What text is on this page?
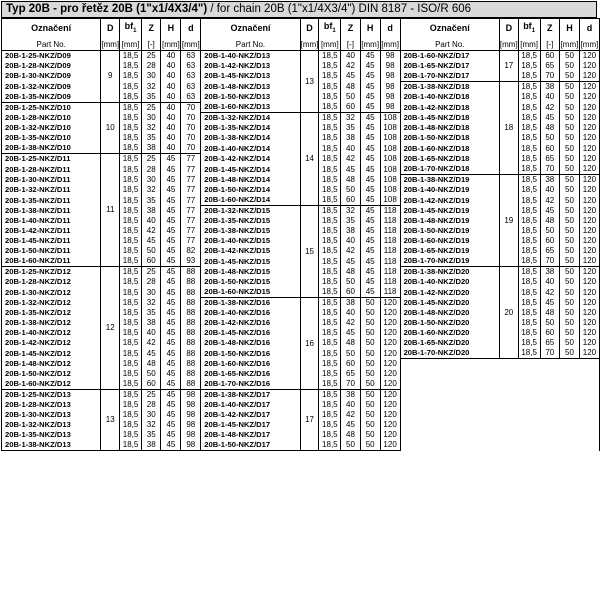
Typ 20B - pro řetěz 20B (1"x1/4X3/4") / for chain 20B (1"x1/4X3/4") DIN 8187 - ISO/R 606
Označení	D	$bf_1$	Z	H	d	Označení	D	$bf_1$	Z	H	d	Označení	D	$bf_1$	Z	H	d
Part No.	[mm]	[mm]	[-]	[mm]	[mm]	Part No.	[mm]	[mm]	[-]	[mm]	[mm]	Part No.	[mm]	[mm]	[-]	[mm]	[mm]
20B-1-25-NKZ/D09	9	18,5	25	40	63	20B-1-40-NKZ/D13	13	18,5	40	45	98	20B-1-60-NKZ/D17	17	18,5	60	50	120
20B-1-28-NKZ/D09		18,5	28	40	63	20B-1-42-NKZ/D13		18,5	42	45	98	20B-1-65-NKZ/D17		18,5	65	50	120
20B-1-30-NKZ/D09		18,5	30	40	63	20B-1-45-NKZ/D13		18,5	45	45	98	20B-1-70-NKZ/D17		18,5	70	50	120
20B-1-32-NKZ/D09		18,5	32	40	63	20B-1-48-NKZ/D13		18,5	48	45	98	20B-1-38-NKZ/D18	18	18,5	38	50	120
20B-1-35-NKZ/D09		18,5	35	40	63	20B-1-50-NKZ/D13		18,5	50	45	98	20B-1-40-NKZ/D18		18,5	40	50	120
20B-1-25-NKZ/D10	10	18,5	25	40	70	20B-1-60-NKZ/D13		18,5	60	45	98	20B-1-42-NKZ/D18		18,5	42	50	120
20B-1-28-NKZ/D10		18,5	30	40	70	20B-1-32-NKZ/D14	14	18,5	32	45	108	20B-1-45-NKZ/D18		18,5	45	50	120
20B-1-32-NKZ/D10		18,5	32	40	70	20B-1-35-NKZ/D14		18,5	35	45	108	20B-1-48-NKZ/D18		18,5	48	50	120
20B-1-35-NKZ/D10		18,5	35	40	70	20B-1-38-NKZ/D14		18,5	38	45	108	20B-1-50-NKZ/D18		18,5	50	50	120
20B-1-38-NKZ/D10		18,5	38	40	70	20B-1-40-NKZ/D14		18,5	40	45	108	20B-1-60-NKZ/D18		18,5	60	50	120
20B-1-25-NKZ/D11	11	18,5	25	45	77	20B-1-42-NKZ/D14		18,5	42	45	108	20B-1-65-NKZ/D18		18,5	65	50	120
20B-1-28-NKZ/D11		18,5	28	45	77	20B-1-45-NKZ/D14		18,5	45	45	108	20B-1-70-NKZ/D18		18,5	70	50	120
20B-1-30-NKZ/D11		18,5	30	45	77	20B-1-48-NKZ/D14		18,5	48	45	108	20B-1-38-NKZ/D19	19	18,5	38	50	120
20B-1-32-NKZ/D11		18,5	32	45	77	20B-1-50-NKZ/D14		18,5	50	45	108	20B-1-40-NKZ/D19		18,5	40	50	120
20B-1-35-NKZ/D11		18,5	35	45	77	20B-1-60-NKZ/D14		18,5	60	45	108	20B-1-42-NKZ/D19		18,5	42	50	120
20B-1-38-NKZ/D11		18,5	38	45	77	20B-1-32-NKZ/D15	15	18,5	32	45	118	20B-1-45-NKZ/D19		18,5	45	50	120
20B-1-40-NKZ/D11		18,5	40	45	77	20B-1-35-NKZ/D15		18,5	35	45	118	20B-1-48-NKZ/D19		18,5	48	50	120
20B-1-42-NKZ/D11		18,5	42	45	77	20B-1-38-NKZ/D15		18,5	38	45	118	20B-1-50-NKZ/D19		18,5	50	50	120
20B-1-45-NKZ/D11		18,5	45	45	77	20B-1-40-NKZ/D15		18,5	40	45	118	20B-1-60-NKZ/D19		18,5	60	50	120
20B-1-50-NKZ/D11		18,5	50	45	82	20B-1-42-NKZ/D15		18,5	42	45	118	20B-1-65-NKZ/D19		18,5	65	50	120
20B-1-60-NKZ/D11		18,5	60	45	93	20B-1-45-NKZ/D15		18,5	45	45	118	20B-1-70-NKZ/D19		18,5	70	50	120
20B-1-25-NKZ/D12	12	18,5	25	45	88	20B-1-48-NKZ/D15		18,5	48	45	118	20B-1-38-NKZ/D20	20	18,5	38	50	120
20B-1-28-NKZ/D12		18,5	28	45	88	20B-1-50-NKZ/D15		18,5	50	45	118	20B-1-40-NKZ/D20		18,5	40	50	120
20B-1-30-NKZ/D12		18,5	30	45	88	20B-1-60-NKZ/D15		18,5	60	45	118	20B-1-42-NKZ/D20		18,5	42	50	120
20B-1-32-NKZ/D12		18,5	32	45	88	20B-1-38-NKZ/D16	16	18,5	38	50	120	20B-1-45-NKZ/D20		18,5	45	50	120
20B-1-35-NKZ/D12		18,5	35	45	88	20B-1-40-NKZ/D16		18,5	40	50	120	20B-1-48-NKZ/D20		18,5	48	50	120
20B-1-38-NKZ/D12		18,5	38	45	88	20B-1-42-NKZ/D16		18,5	42	50	120	20B-1-50-NKZ/D20		18,5	50	50	120
20B-1-40-NKZ/D12		18,5	40	45	88	20B-1-45-NKZ/D16		18,5	45	50	120	20B-1-60-NKZ/D20		18,5	60	50	120
20B-1-42-NKZ/D12		18,5	42	45	88	20B-1-48-NKZ/D16		18,5	48	50	120	20B-1-65-NKZ/D20		18,5	65	50	120
20B-1-45-NKZ/D12		18,5	45	45	88	20B-1-50-NKZ/D16		18,5	50	50	120	20B-1-70-NKZ/D20		18,5	70	50	120
20B-1-48-NKZ/D12		18,5	48	45	88	20B-1-60-NKZ/D16		18,5	60	50	120						
20B-1-50-NKZ/D12		18,5	50	45	88	20B-1-65-NKZ/D16		18,5	65	50	120						
20B-1-60-NKZ/D12		18,5	60	45	88	20B-1-70-NKZ/D16		18,5	70	50	120						
20B-1-25-NKZ/D13	13	18,5	25	45	98	20B-1-38-NKZ/D17	17	18,5	38	50	120						
20B-1-28-NKZ/D13		18,5	28	45	98	20B-1-40-NKZ/D17		18,5	40	50	120						
20B-1-30-NKZ/D13		18,5	30	45	98	20B-1-42-NKZ/D17		18,5	42	50	120						
20B-1-32-NKZ/D13		18,5	32	45	98	20B-1-45-NKZ/D17		18,5	45	50	120						
20B-1-35-NKZ/D13		18,5	35	45	98	20B-1-48-NKZ/D17		18,5	48	50	120						
20B-1-38-NKZ/D13		18,5	38	45	98	20B-1-50-NKZ/D17		18,5	50	50	120						
